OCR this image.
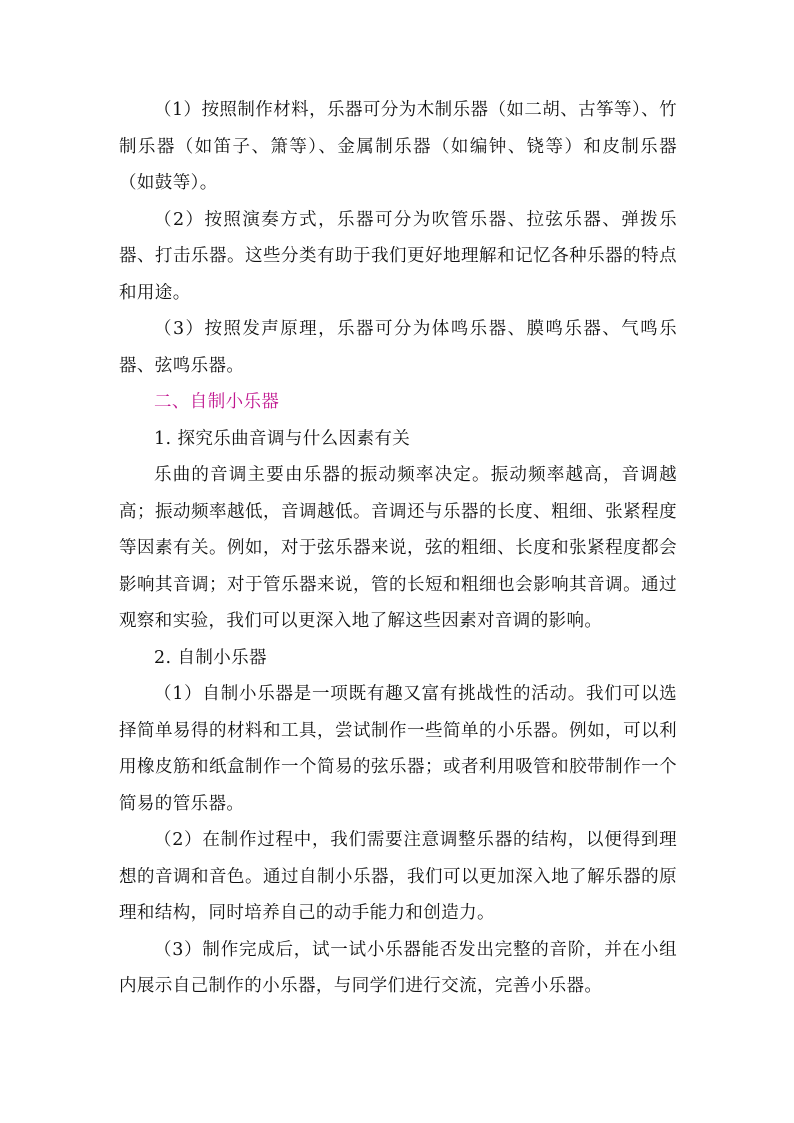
（1）按照制作材料，乐器可分为木制乐器（如二胡、古筝等）、竹制乐器（如笛子、箫等）、金属制乐器（如编钟、铙等）和皮制乐器（如鼓等）。

（2）按照演奏方式，乐器可分为吹管乐器、拉弦乐器、弹拨乐器、打击乐器。这些分类有助于我们更好地理解和记忆各种乐器的特点和用途。

（3）按照发声原理，乐器可分为体鸣乐器、膜鸣乐器、气鸣乐器、弦鸣乐器。

二、自制小乐器

1. 探究乐曲音调与什么因素有关

乐曲的音调主要由乐器的振动频率决定。振动频率越高，音调越高；振动频率越低，音调越低。音调还与乐器的长度、粗细、张紧程度等因素有关。例如，对于弦乐器来说，弦的粗细、长度和张紧程度都会影响其音调；对于管乐器来说，管的长短和粗细也会影响其音调。通过观察和实验，我们可以更深入地了解这些因素对音调的影响。

2. 自制小乐器

（1）自制小乐器是一项既有趣又富有挑战性的活动。我们可以选择简单易得的材料和工具，尝试制作一些简单的小乐器。例如，可以利用橡皮筋和纸盒制作一个简易的弦乐器；或者利用吸管和胶带制作一个简易的管乐器。

（2）在制作过程中，我们需要注意调整乐器的结构，以便得到理想的音调和音色。通过自制小乐器，我们可以更加深入地了解乐器的原理和结构，同时培养自己的动手能力和创造力。

（3）制作完成后，试一试小乐器能否发出完整的音阶，并在小组内展示自己制作的小乐器，与同学们进行交流，完善小乐器。
